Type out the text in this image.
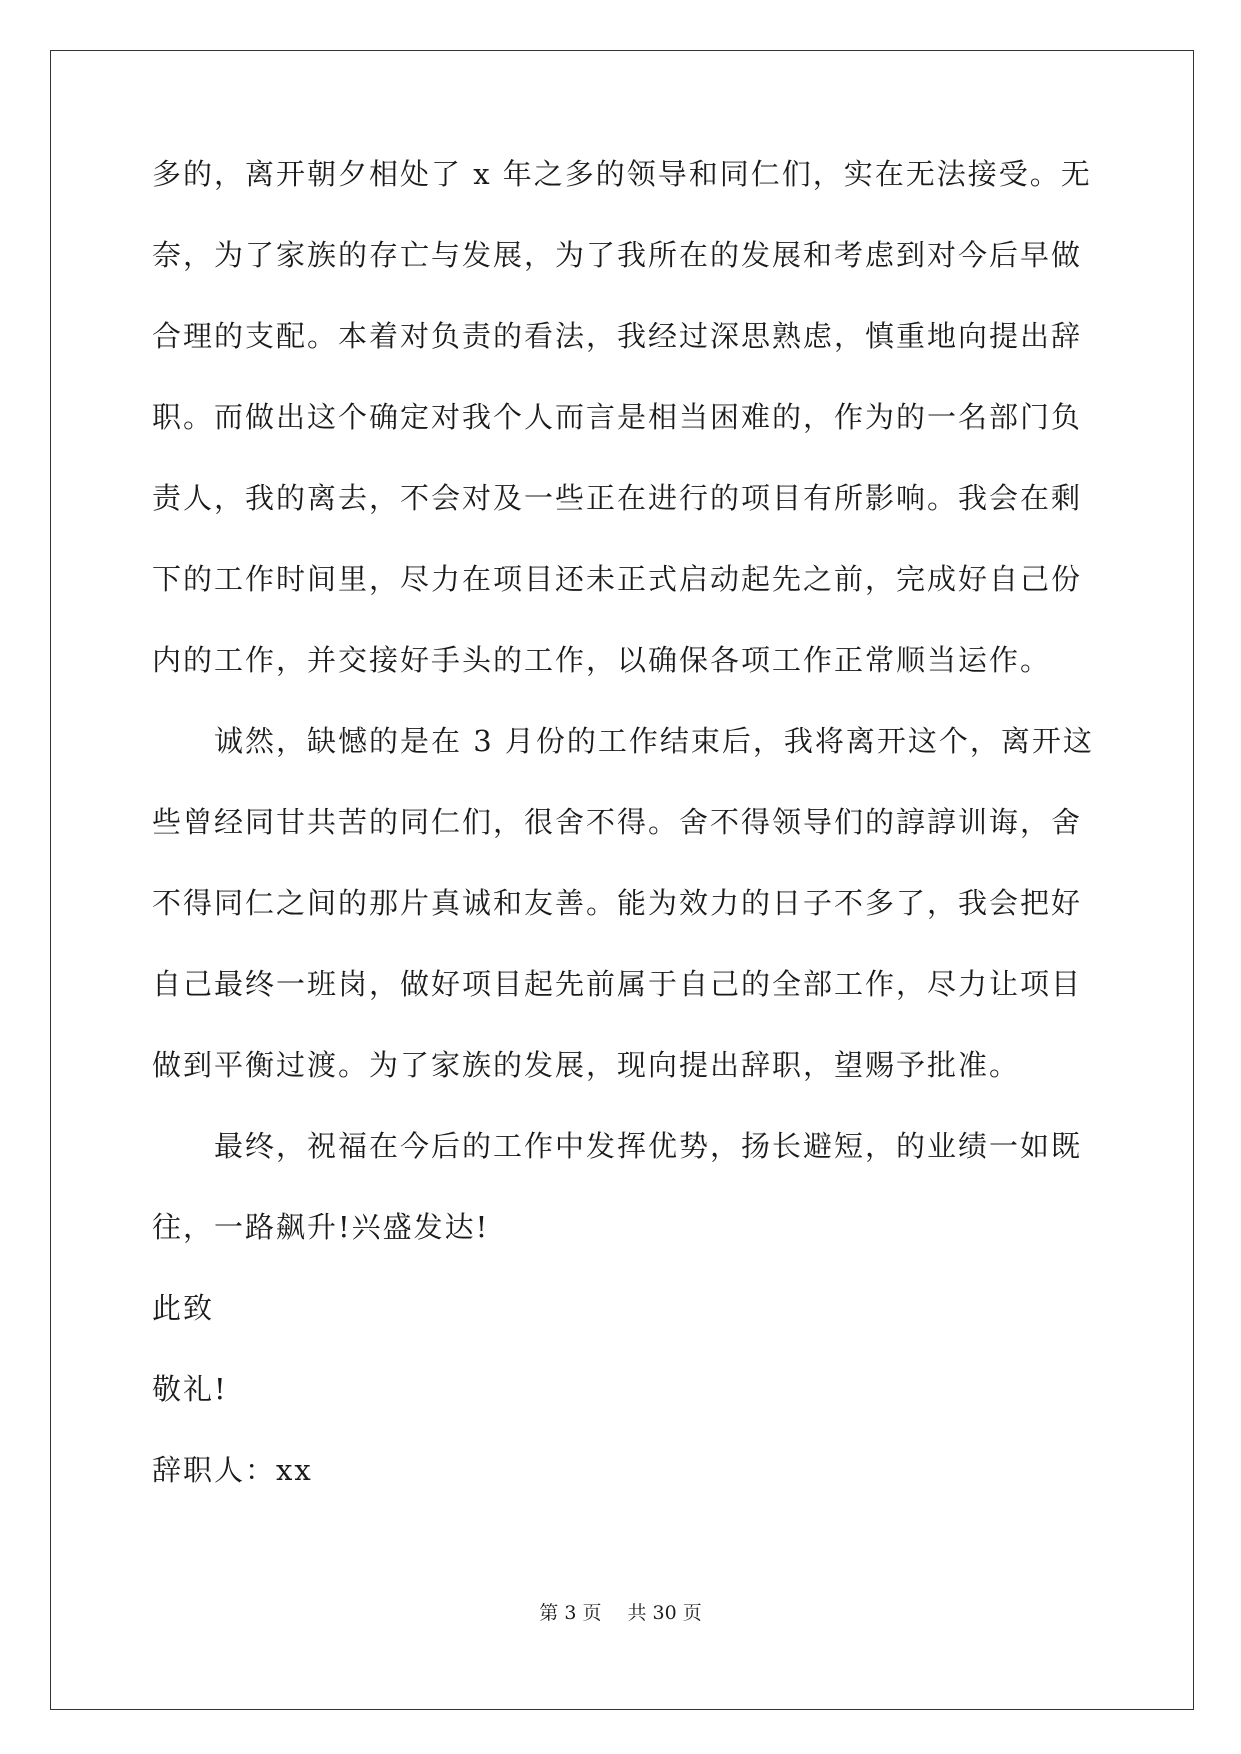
多的，离开朝夕相处了 x 年之多的领导和同仁们，实在无法接受。无
奈，为了家族的存亡与发展，为了我所在的发展和考虑到对今后早做
合理的支配。本着对负责的看法，我经过深思熟虑，慎重地向提出辞
职。而做出这个确定对我个人而言是相当困难的，作为的一名部门负
责人，我的离去，不会对及一些正在进行的项目有所影响。我会在剩
下的工作时间里，尽力在项目还未正式启动起先之前，完成好自己份
内的工作，并交接好手头的工作，以确保各项工作正常顺当运作。
诚然，缺憾的是在 3 月份的工作结束后，我将离开这个，离开这
些曾经同甘共苦的同仁们，很舍不得。舍不得领导们的諄諄训诲，舍
不得同仁之间的那片真诚和友善。能为效力的日子不多了，我会把好
自己最终一班岗，做好项目起先前属于自己的全部工作，尽力让项目
做到平衡过渡。为了家族的发展，现向提出辞职，望赐予批准。
最终，祝福在今后的工作中发挥优势，扬长避短，的业绩一如既
往，一路飙升!兴盛发达!
此致
敬礼!
辞职人：xx
第 3 页 共 30 页
